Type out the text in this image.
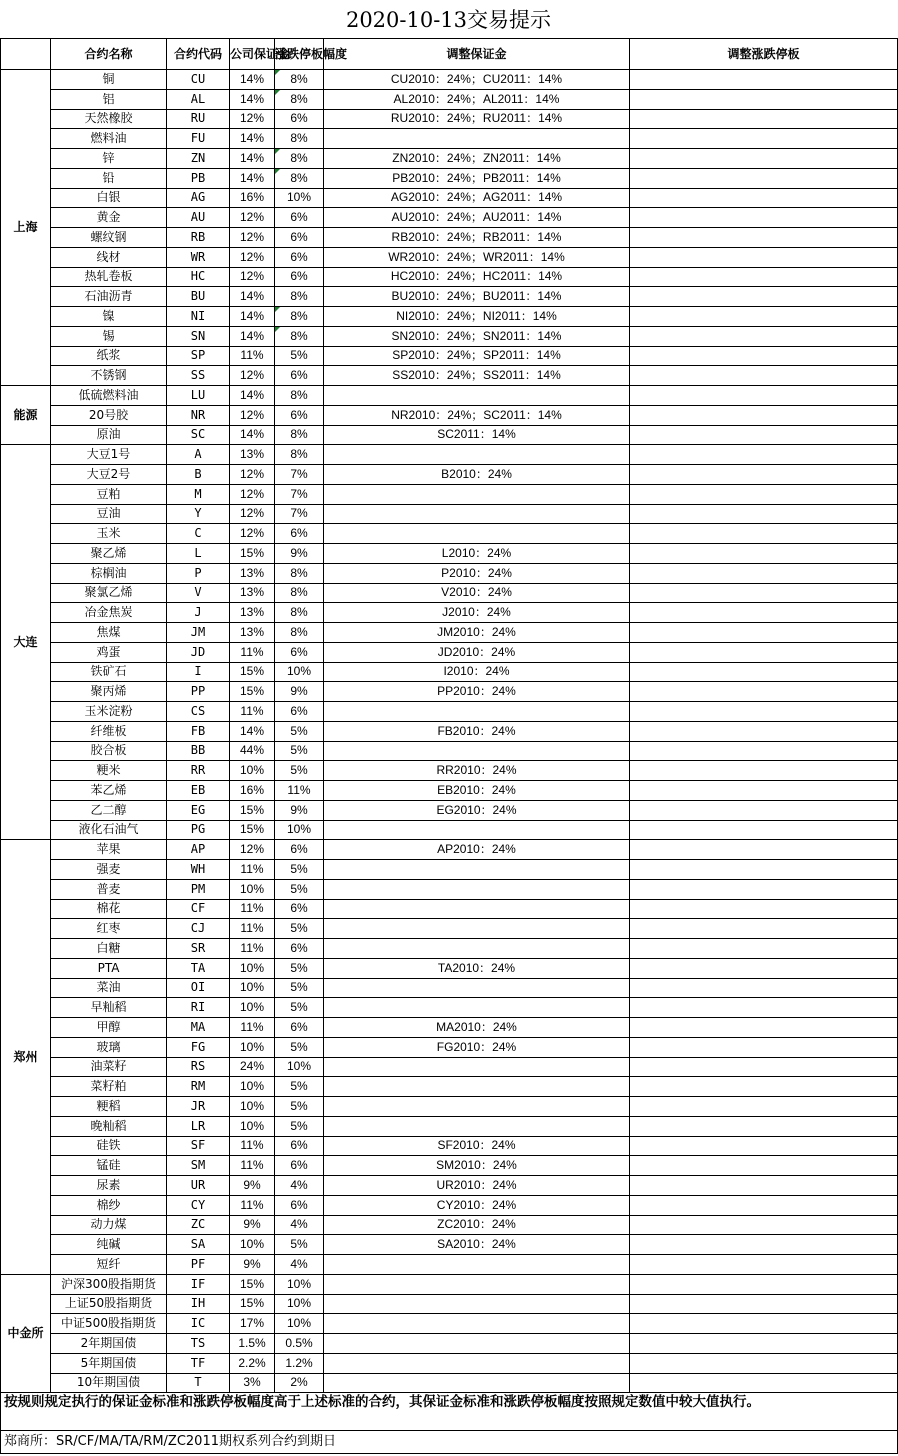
2020-10-13交易提示
	合约名称	合约代码	公司保证金	涨跌停板幅度	调整保证金	调整涨跌停板
上海	铜	CU	14%	8%	CU2010：24%；CU2011：14%	
	铝	AL	14%	8%	AL2010：24%；AL2011：14%	
	天然橡胶	RU	12%	6%	RU2010：24%；RU2011：14%	
	燃料油	FU	14%	8%		
	锌	ZN	14%	8%	ZN2010：24%；ZN2011：14%	
	铅	PB	14%	8%	PB2010：24%；PB2011：14%	
	白银	AG	16%	10%	AG2010：24%；AG2011：14%	
	黄金	AU	12%	6%	AU2010：24%；AU2011：14%	
	螺纹钢	RB	12%	6%	RB2010：24%；RB2011：14%	
	线材	WR	12%	6%	WR2010：24%；WR2011：14%	
	热轧卷板	HC	12%	6%	HC2010：24%；HC2011：14%	
	石油沥青	BU	14%	8%	BU2010：24%；BU2011：14%	
	镍	NI	14%	8%	NI2010：24%；NI2011：14%	
	锡	SN	14%	8%	SN2010：24%；SN2011：14%	
	纸浆	SP	11%	5%	SP2010：24%；SP2011：14%	
	不锈钢	SS	12%	6%	SS2010：24%；SS2011：14%	
能源	低硫燃料油	LU	14%	8%		
	20号胶	NR	12%	6%	NR2010：24%；SC2011：14%	
	原油	SC	14%	8%	SC2011：14%	
大连	大豆1号	A	13%	8%		
	大豆2号	B	12%	7%	B2010：24%	
	豆粕	M	12%	7%		
	豆油	Y	12%	7%		
	玉米	C	12%	6%		
	聚乙烯	L	15%	9%	L2010：24%	
	棕榈油	P	13%	8%	P2010：24%	
	聚氯乙烯	V	13%	8%	V2010：24%	
	冶金焦炭	J	13%	8%	J2010：24%	
	焦煤	JM	13%	8%	JM2010：24%	
	鸡蛋	JD	11%	6%	JD2010：24%	
	铁矿石	I	15%	10%	I2010：24%	
	聚丙烯	PP	15%	9%	PP2010：24%	
	玉米淀粉	CS	11%	6%		
	纤维板	FB	14%	5%	FB2010：24%	
	胶合板	BB	44%	5%		
	粳米	RR	10%	5%	RR2010：24%	
	苯乙烯	EB	16%	11%	EB2010：24%	
	乙二醇	EG	15%	9%	EG2010：24%	
	液化石油气	PG	15%	10%		
郑州	苹果	AP	12%	6%	AP2010：24%	
	强麦	WH	11%	5%		
	普麦	PM	10%	5%		
	棉花	CF	11%	6%		
	红枣	CJ	11%	5%		
	白糖	SR	11%	6%		
	PTA	TA	10%	5%	TA2010：24%	
	菜油	OI	10%	5%		
	早籼稻	RI	10%	5%		
	甲醇	MA	11%	6%	MA2010：24%	
	玻璃	FG	10%	5%	FG2010：24%	
	油菜籽	RS	24%	10%		
	菜籽粕	RM	10%	5%		
	粳稻	JR	10%	5%		
	晚籼稻	LR	10%	5%		
	硅铁	SF	11%	6%	SF2010：24%	
	锰硅	SM	11%	6%	SM2010：24%	
	尿素	UR	9%	4%	UR2010：24%	
	棉纱	CY	11%	6%	CY2010：24%	
	动力煤	ZC	9%	4%	ZC2010：24%	
	纯碱	SA	10%	5%	SA2010：24%	
	短纤	PF	9%	4%		
中金所	沪深300股指期货	IF	15%	10%		
	上证50股指期货	IH	15%	10%		
	中证500股指期货	IC	17%	10%		
	2年期国债	TS	1.5%	0.5%		
	5年期国债	TF	2.2%	1.2%		
	10年期国债	T	3%	2%		
按规则规定执行的保证金标准和涨跌停板幅度高于上述标准的合约，其保证金标准和涨跌停板幅度按照规定数值中较大值执行。
郑商所：SR/CF/MA/TA/RM/ZC2011期权系列合约到期日
